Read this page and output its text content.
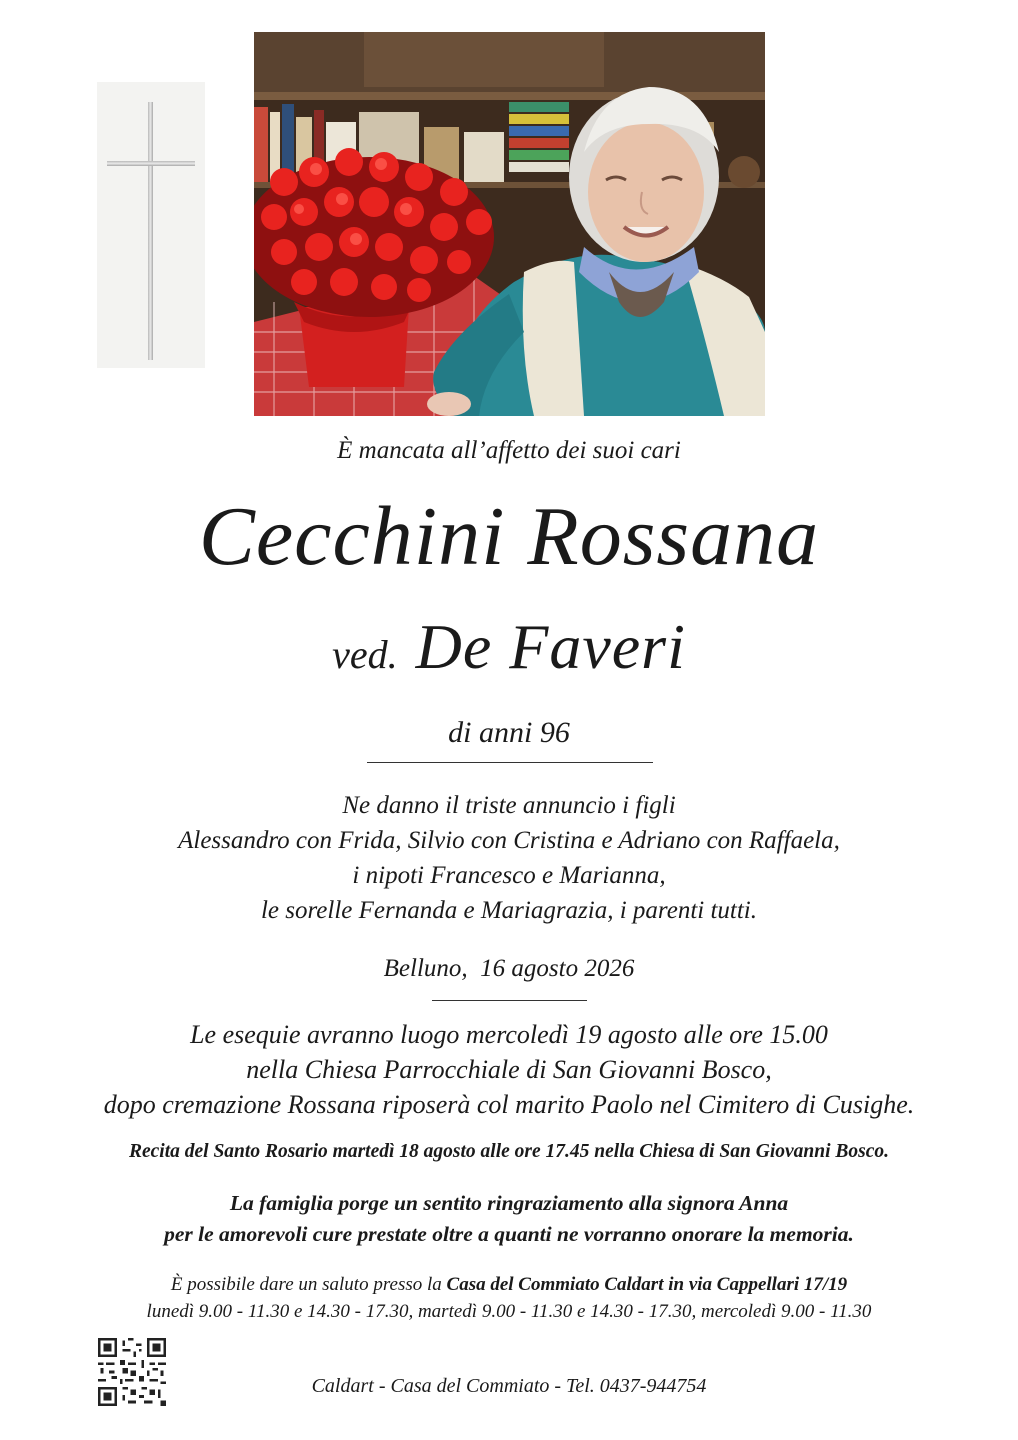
È mancata all’affetto dei suoi cari
Cecchini Rossana
ved. De Faveri
di anni 96
Ne danno il triste annuncio i figli
Alessandro con Frida, Silvio con Cristina e Adriano con Raffaela,
i nipoti Francesco e Marianna,
le sorelle Fernanda e Mariagrazia, i parenti tutti.
Belluno,  16 agosto 2026
Le esequie avranno luogo mercoledì 19 agosto alle ore 15.00
nella Chiesa Parrocchiale di San Giovanni Bosco,
dopo cremazione Rossana riposerà col marito Paolo nel Cimitero di Cusighe.
Recita del Santo Rosario martedì 18 agosto alle ore 17.45 nella Chiesa di San Giovanni Bosco.
La famiglia porge un sentito ringraziamento alla signora Anna
per le amorevoli cure prestate oltre a quanti ne vorranno onorare la memoria.
È possibile dare un saluto presso la Casa del Commiato Caldart in via Cappellari 17/19
lunedì 9.00 - 11.30 e 14.30 - 17.30, martedì 9.00 - 11.30 e 14.30 - 17.30, mercoledì 9.00 - 11.30
Caldart - Casa del Commiato - Tel. 0437-944754
